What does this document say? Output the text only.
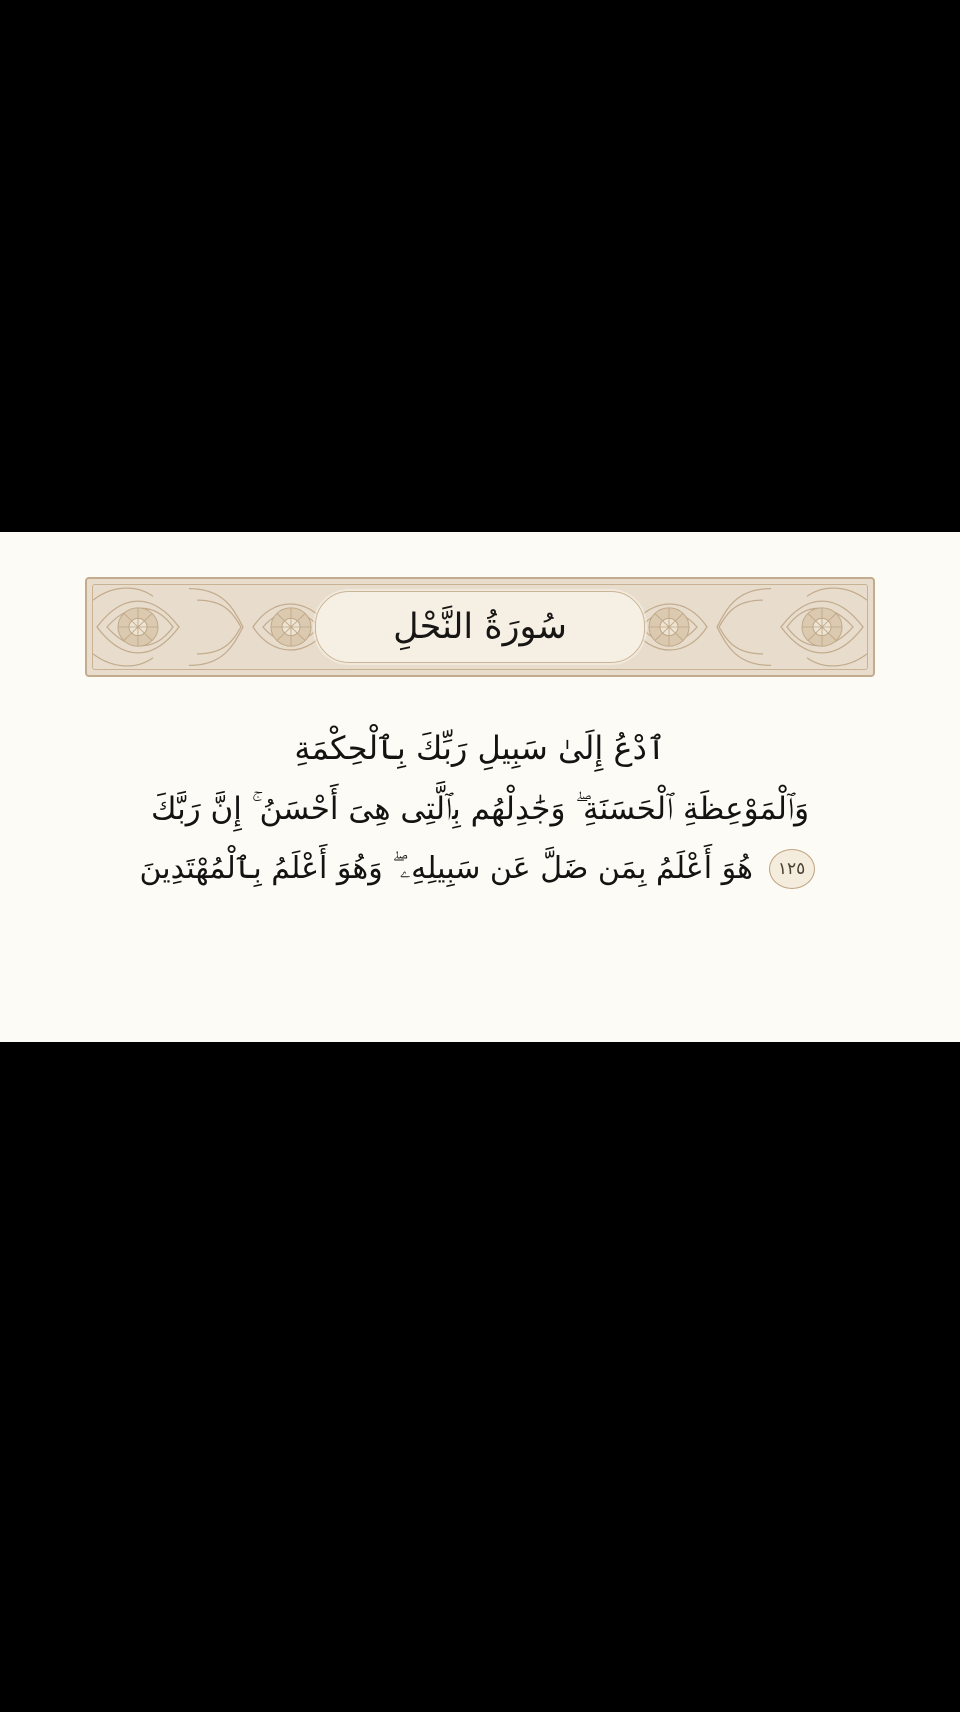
سُورَةُ النَّحْلِ
ٱدْعُ إِلَىٰ سَبِيلِ رَبِّكَ بِٱلْحِكْمَةِ
وَٱلْمَوْعِظَةِ ٱلْحَسَنَةِ ۖ وَجَٰدِلْهُم بِٱلَّتِى هِىَ أَحْسَنُ ۚ إِنَّ رَبَّكَ
١٢٥ هُوَ أَعْلَمُ بِمَن ضَلَّ عَن سَبِيلِهِۦ ۖ وَهُوَ أَعْلَمُ بِٱلْمُهْتَدِينَ
